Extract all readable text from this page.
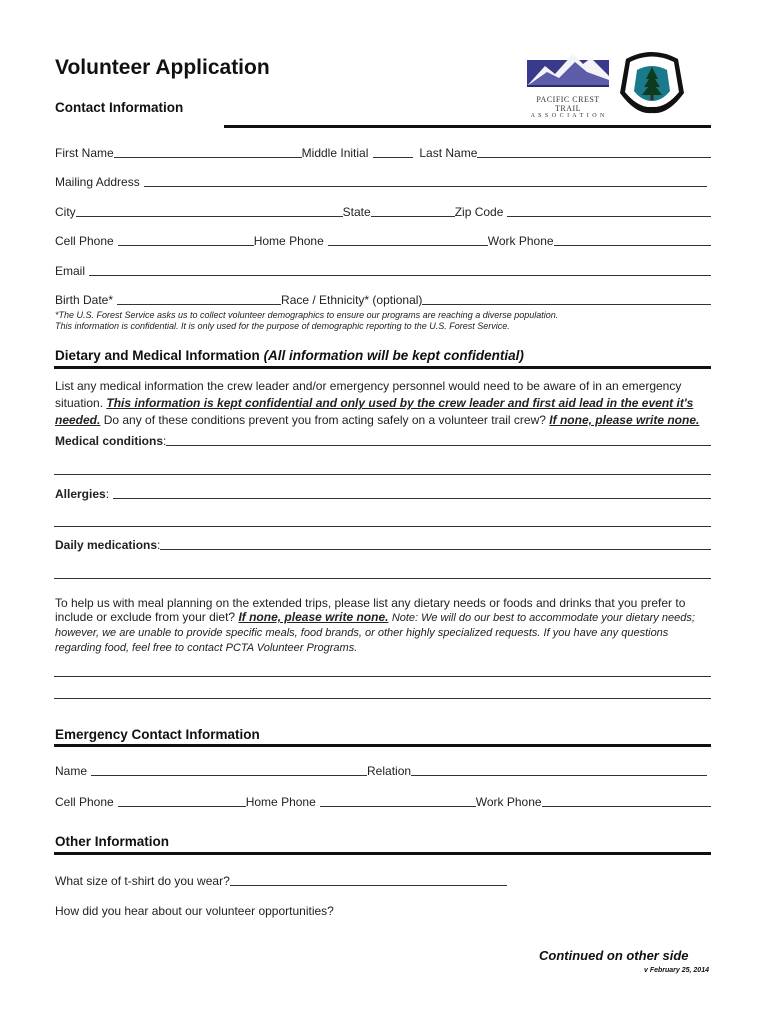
Volunteer Application
PACIFIC CREST TRAIL
A S S O C I A T I O N
Contact Information
First Name	Middle Initial	Last Name
Mailing Address
City	State	Zip Code
Cell Phone	Home Phone	Work Phone
Email
Birth Date*	Race / Ethnicity* (optional)
*The U.S. Forest Service asks us to collect volunteer demographics to ensure our programs are reaching a diverse population.
This information is confidential. It is only used for the purpose of demographic reporting to the U.S. Forest Service.
Dietary and Medical Information (All information will be kept confidential)
List any medical information the crew leader and/or emergency personnel would need to be aware of in an emergency situation. This information is kept confidential and only used by the crew leader and first aid lead in the event it's needed. Do any of these conditions prevent you from acting safely on a volunteer trail crew? If none, please write none.
Medical conditions :
Allergies :
Daily medications :
To help us with meal planning on the extended trips, please list any dietary needs or foods and drinks that you prefer to include or exclude from your diet? If none, please write none. Note: We will do our best to accommodate your dietary needs; however, we are unable to provide specific meals, food brands, or other highly specialized requests. If you have any questions regarding food, feel free to contact PCTA Volunteer Programs.
Emergency Contact Information
Name	Relation
Cell Phone	Home Phone	Work Phone
Other Information
What size of t-shirt do you wear?
How did you hear about our volunteer opportunities?
Continued on other side
v February 25, 2014
